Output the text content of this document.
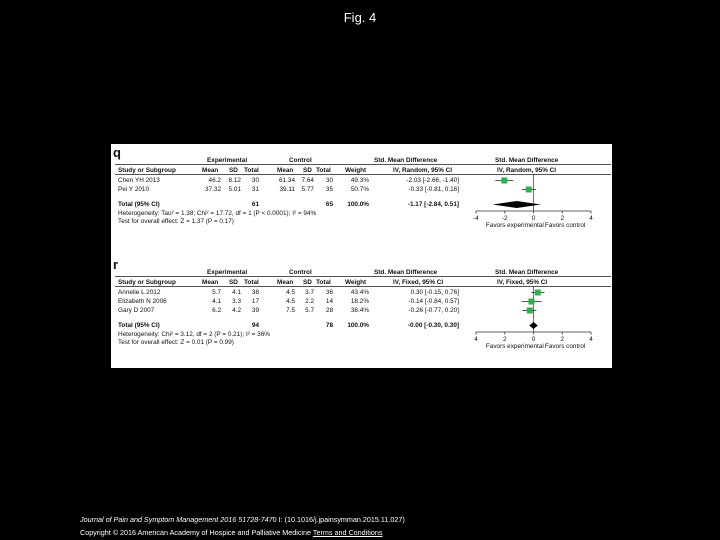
Fig. 4
q
Experimental	Control	Std. Mean Difference	Std. Mean Difference
Study or Subgroup	Mean SD Total	Mean SD Total Weight	IV, Random, 95% CI	IV, Random, 95% CI
Chen YH 2013	46.2	8.12	30	61.34	7.64	30	49.3%	-2.03 [-2.66, -1.40]
Pei Y 2010	37.32	5.01	31	39.11	5.77	35	50.7%	-0.33 [-0.81, 0.16]
Total (95% CI)	61	65	100.0%	-1.17 [-2.84, 0.51]
Heterogeneity: Tau² = 1.38; Chi² = 17.72, df = 1 (P < 0.0001); I² = 94%
Test for overall effect: Z = 1.37 (P = 0.17)	-4	-2	0	2	4
Favors experimental Favors control
r
Experimental	Control	Std. Mean Difference	Std. Mean Difference
Study or Subgroup	Mean SD Total	Mean SD Total Weight	IV, Fixed, 95% CI	IV, Fixed, 95% CI
Annelie L 2012	5.7	4.1	38	4.5	3.7	36	43.4%	0.30 [-0.15, 0.76]
Elizabeth N 2006	4.1	3.3	17	4.5	2.2	14	18.2%	-0.14 [-0.84, 0.57]
Gary D 2007	6.2	4.2	39	7.5	5.7	28	38.4%	-0.26 [-0.77, 0.20]
Total (95% CI)	94	78	100.0%	-0.00 [-0.30, 0.30]
Heterogeneity: Chi² = 3.12, df = 2 (P = 0.21); I² = 36%
Test for overall effect: Z = 0.01 (P = 0.99)	4	2	0	2	4
Favors experimental Favors control
Journal of Pain and Symptom Management 2016 51728-7470 I: (10.1016/j.jpainsymman.2015.11.027)
Copyright © 2016 American Academy of Hospice and Palliative Medicine Terms and Conditions
